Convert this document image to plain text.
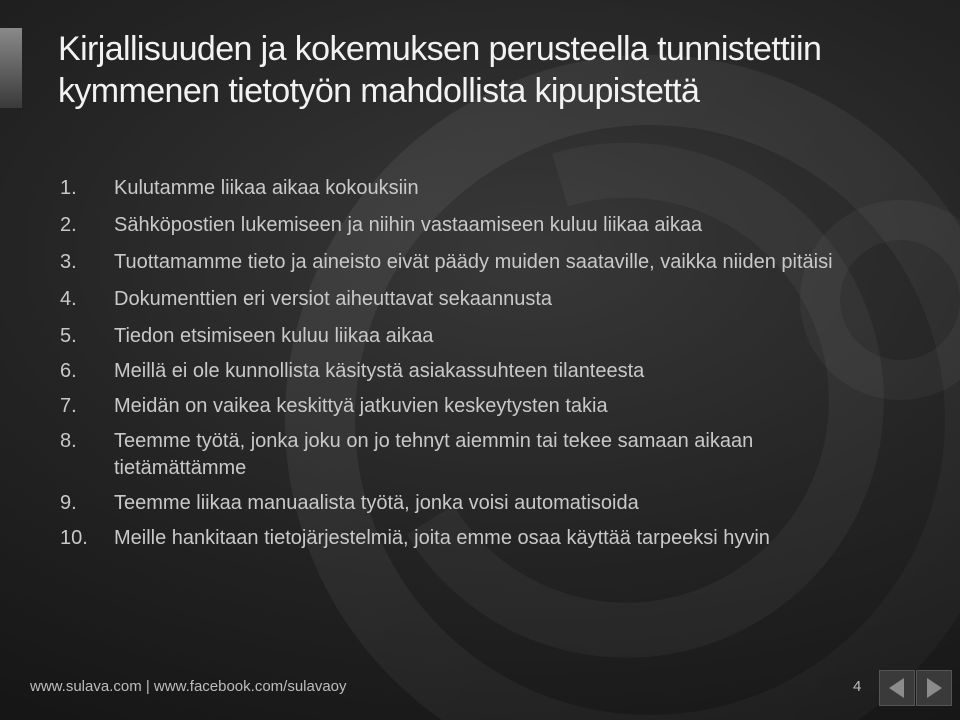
Kirjallisuuden ja kokemuksen perusteella tunnistettiin
kymmenen tietotyön mahdollista kipupistettä
1. Kulutamme liikaa aikaa kokouksiin
2. Sähköpostien lukemiseen ja niihin vastaamiseen kuluu liikaa aikaa
3. Tuottamamme tieto ja aineisto eivät päädy muiden saataville, vaikka niiden pitäisi
4. Dokumenttien eri versiot aiheuttavat sekaannusta
5. Tiedon etsimiseen kuluu liikaa aikaa
6. Meillä ei ole kunnollista käsitystä asiakassuhteen tilanteesta
7. Meidän on vaikea keskittyä jatkuvien keskeytysten takia
8. Teemme työtä, jonka joku on jo tehnyt aiemmin tai tekee samaan aikaan tietämättämme
9. Teemme liikaa manuaalista työtä, jonka voisi automatisoida
10. Meille hankitaan tietojärjestelmiä, joita emme osaa käyttää tarpeeksi hyvin
www.sulava.com | www.facebook.com/sulavaoy	4
